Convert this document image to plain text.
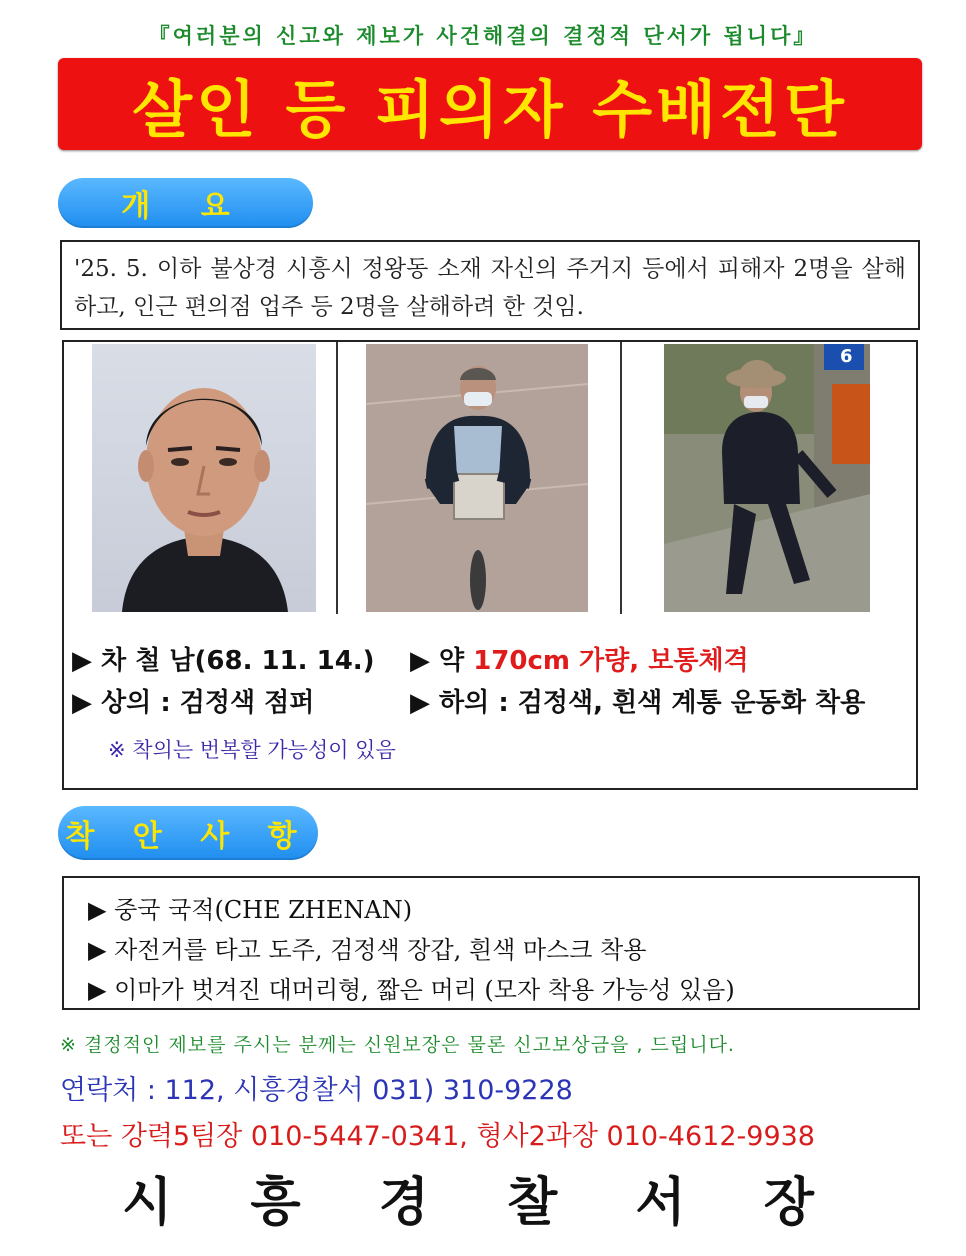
『여러분의 신고와 제보가 사건해결의 결정적 단서가 됩니다』
살인 등 피의자 수배전단
개 요
'25. 5. 이하 불상경 시흥시 정왕동 소재 자신의 주거지 등에서 피해자 2명을 살해하고, 인근 편의점 업주 등 2명을 살해하려 한 것임.
6
▶ 차 철 남(68. 11. 14.) ▶ 약 170cm 가량, 보통체격
▶ 상의 : 검정색 점퍼	▶ 하의 : 검정색, 흰색 계통 운동화 착용
※ 착의는 번복할 가능성이 있음
착 안 사 항
▶ 중국 국적(CHE ZHENAN)
▶ 자전거를 타고 도주, 검정색 장갑, 흰색 마스크 착용
▶ 이마가 벗겨진 대머리형, 짧은 머리 (모자 착용 가능성 있음)
※ 결정적인 제보를 주시는 분께는 신원보장은 물론 신고보상금을 , 드립니다.
연락처 : 112, 시흥경찰서 031) 310-9228
또는 강력5팀장 010-5447-0341, 형사2과장 010-4612-9938
시 흥 경 찰 서 장
